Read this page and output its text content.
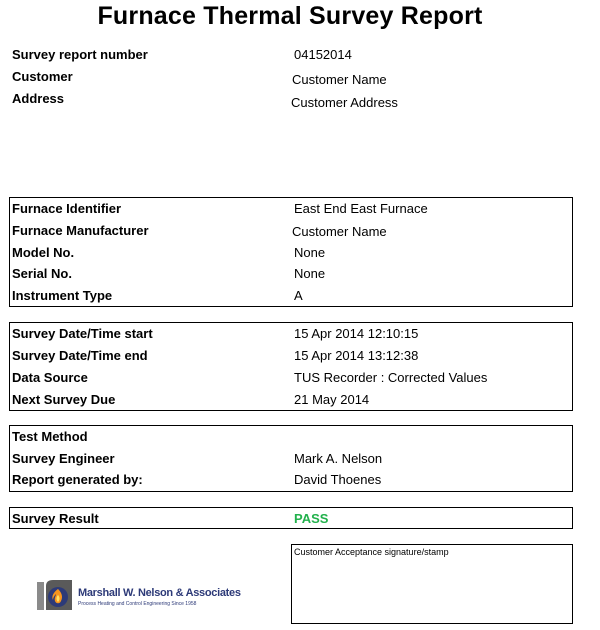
Furnace Thermal Survey Report
Survey report number	04152014
Customer	Customer Name
Address	Customer Address
Furnace Identifier	East End East Furnace
Furnace Manufacturer	Customer Name
Model No.	None
Serial No.	None
Instrument Type	A
Survey Date/Time start	15 Apr 2014 12:10:15
Survey Date/Time end	15 Apr 2014 13:12:38
Data Source	TUS Recorder : Corrected Values
Next Survey Due	21 May 2014
Test Method
Survey Engineer	Mark A. Nelson
Report generated by:	David Thoenes
Survey Result	PASS
Customer Acceptance signature/stamp
Marshall W. Nelson & Associates
Process Heating and Control Engineering Since 1958
